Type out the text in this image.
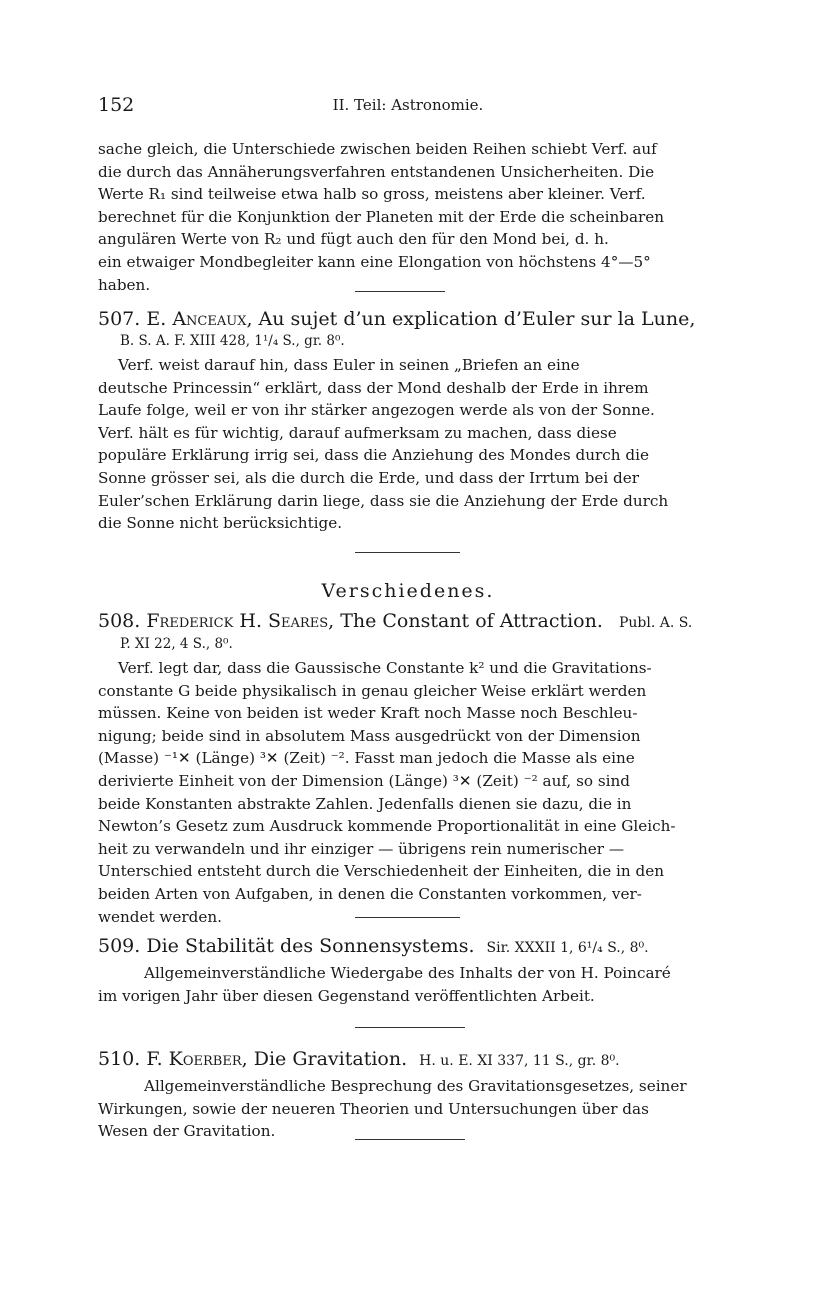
152	II. Teil: Astronomie.
sache gleich, die Unterschiede zwischen beiden Reihen schiebt Verf. auf
die durch das Annäherungsverfahren entstandenen Unsicherheiten. Die
Werte R₁ sind teilweise etwa halb so gross, meistens aber kleiner. Verf.
berechnet für die Konjunktion der Planeten mit der Erde die scheinbaren
angulären Werte von R₂ und fügt auch den für den Mond bei, d. h.
ein etwaiger Mondbegleiter kann eine Elongation von höchstens 4°—5°
haben.
507. E. Anceaux, Au sujet d’un explication d’Euler sur la Lune,
B. S. A. F. XIII 428, 1¹/₄ S., gr. 8⁰.
Verf. weist darauf hin, dass Euler in seinen „Briefen an eine
deutsche Princessin“ erklärt, dass der Mond deshalb der Erde in ihrem
Laufe folge, weil er von ihr stärker angezogen werde als von der Sonne.
Verf. hält es für wichtig, darauf aufmerksam zu machen, dass diese
populäre Erklärung irrig sei, dass die Anziehung des Mondes durch die
Sonne grösser sei, als die durch die Erde, und dass der Irrtum bei der
Euler’schen Erklärung darin liege, dass sie die Anziehung der Erde durch
die Sonne nicht berücksichtige.
Verschiedenes.
508. Frederick H. Seares, The Constant of Attraction. Publ. A. S.
P. XI 22, 4 S., 8⁰.
Verf. legt dar, dass die Gaussische Constante k² und die Gravitations-
constante G beide physikalisch in genau gleicher Weise erklärt werden
müssen. Keine von beiden ist weder Kraft noch Masse noch Beschleu-
nigung; beide sind in absolutem Mass ausgedrückt von der Dimension
(Masse) ⁻¹✕ (Länge) ³✕ (Zeit) ⁻². Fasst man jedoch die Masse als eine
derivierte Einheit von der Dimension (Länge) ³✕ (Zeit) ⁻² auf, so sind
beide Konstanten abstrakte Zahlen. Jedenfalls dienen sie dazu, die in
Newton’s Gesetz zum Ausdruck kommende Proportionalität in eine Gleich-
heit zu verwandeln und ihr einziger — übrigens rein numerischer —
Unterschied entsteht durch die Verschiedenheit der Einheiten, die in den
beiden Arten von Aufgaben, in denen die Constanten vorkommen, ver-
wendet werden.
509. Die Stabilität des Sonnensystems. Sir. XXXII 1, 6¹/₄ S., 8⁰.
Allgemeinverständliche Wiedergabe des Inhalts der von H. Poincaré
im vorigen Jahr über diesen Gegenstand veröffentlichten Arbeit.
510. F. Koerber, Die Gravitation. H. u. E. XI 337, 11 S., gr. 8⁰.
Allgemeinverständliche Besprechung des Gravitationsgesetzes, seiner
Wirkungen, sowie der neueren Theorien und Untersuchungen über das
Wesen der Gravitation.
